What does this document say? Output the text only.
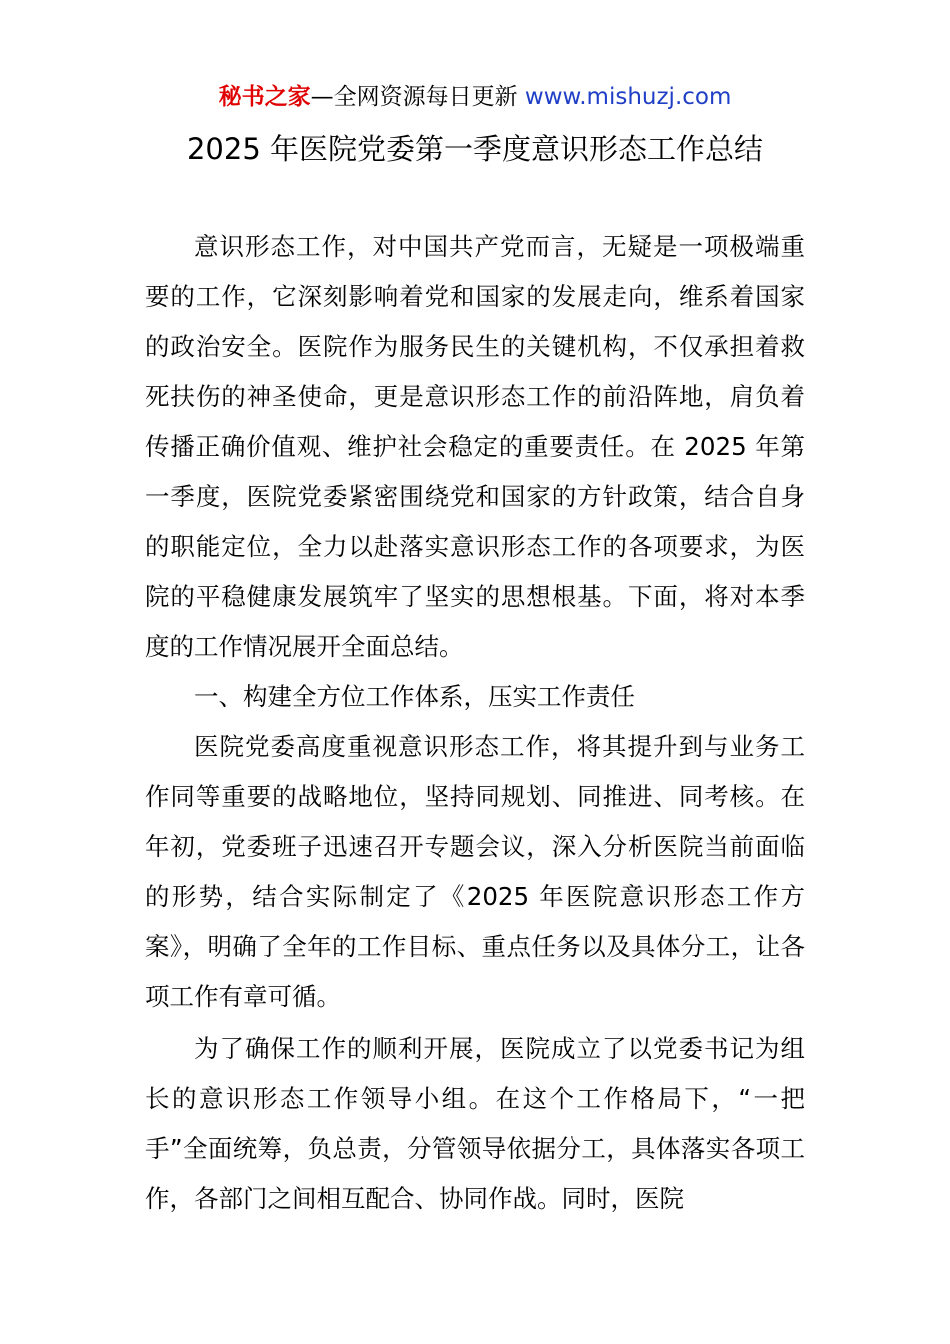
秘书之家—全网资源每日更新 www.mishuzj.com
2025 年医院党委第一季度意识形态工作总结

意识形态工作，对中国共产党而言，无疑是一项极端重要的工作，它深刻影响着党和国家的发展走向，维系着国家的政治安全。医院作为服务民生的关键机构，不仅承担着救死扶伤的神圣使命，更是意识形态工作的前沿阵地，肩负着传播正确价值观、维护社会稳定的重要责任。在 2025 年第一季度，医院党委紧密围绕党和国家的方针政策，结合自身的职能定位，全力以赴落实意识形态工作的各项要求，为医院的平稳健康发展筑牢了坚实的思想根基。下面，将对本季度的工作情况展开全面总结。

一、构建全方位工作体系，压实工作责任

医院党委高度重视意识形态工作，将其提升到与业务工作同等重要的战略地位，坚持同规划、同推进、同考核。在年初，党委班子迅速召开专题会议，深入分析医院当前面临的形势，结合实际制定了《2025 年医院意识形态工作方案》，明确了全年的工作目标、重点任务以及具体分工，让各项工作有章可循。

为了确保工作的顺利开展，医院成立了以党委书记为组长的意识形态工作领导小组。在这个工作格局下，“一把手”全面统筹，负总责，分管领导依据分工，具体落实各项工作，各部门之间相互配合、协同作战。同时，医院
